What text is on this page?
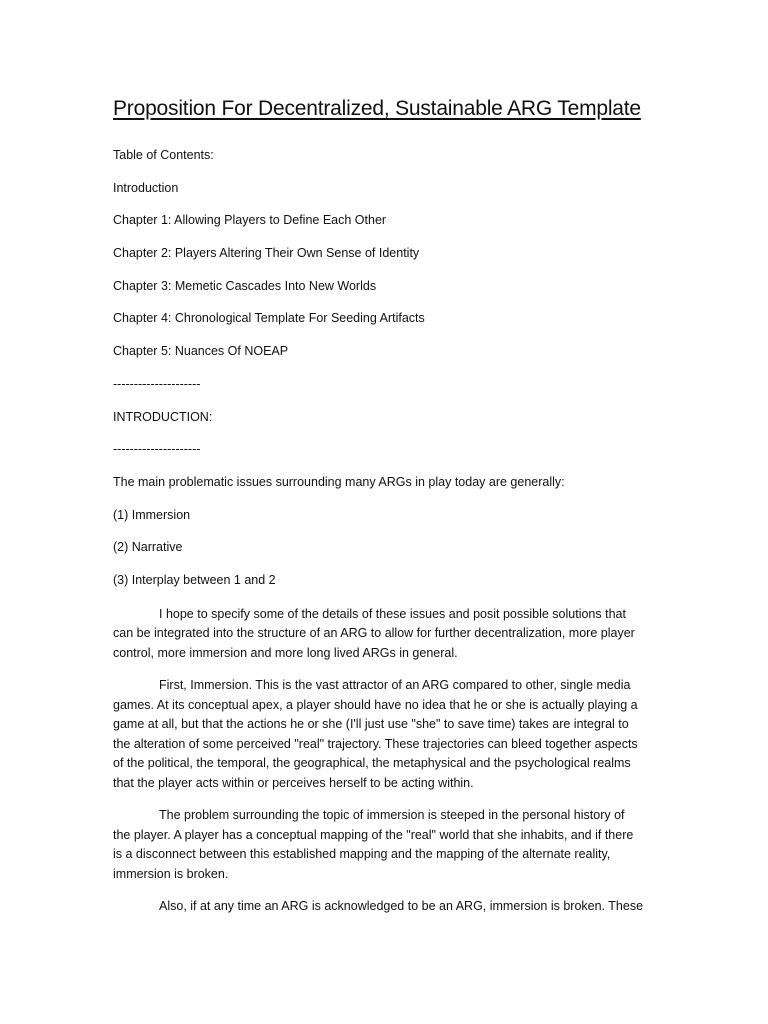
Proposition For Decentralized, Sustainable ARG Template

Table of Contents:

Introduction

Chapter 1: Allowing Players to Define Each Other

Chapter 2: Players Altering Their Own Sense of Identity

Chapter 3: Memetic Cascades Into New Worlds

Chapter 4: Chronological Template For Seeding Artifacts

Chapter 5: Nuances Of NOEAP

---------------------

INTRODUCTION:

---------------------

The main problematic issues surrounding many ARGs in play today are generally:

(1) Immersion

(2) Narrative

(3) Interplay between 1 and 2

I hope to specify some of the details of these issues and posit possible solutions that
can be integrated into the structure of an ARG to allow for further decentralization, more player
control, more immersion and more long lived ARGs in general.
First, Immersion. This is the vast attractor of an ARG compared to other, single media
games. At its conceptual apex, a player should have no idea that he or she is actually playing a
game at all, but that the actions he or she (I'll just use "she" to save time) takes are integral to
the alteration of some perceived "real" trajectory. These trajectories can bleed together aspects
of the political, the temporal, the geographical, the metaphysical and the psychological realms
that the player acts within or perceives herself to be acting within.
The problem surrounding the topic of immersion is steeped in the personal history of
the player. A player has a conceptual mapping of the "real" world that she inhabits, and if there
is a disconnect between this established mapping and the mapping of the alternate reality,
immersion is broken.
Also, if at any time an ARG is acknowledged to be an ARG, immersion is broken. These
